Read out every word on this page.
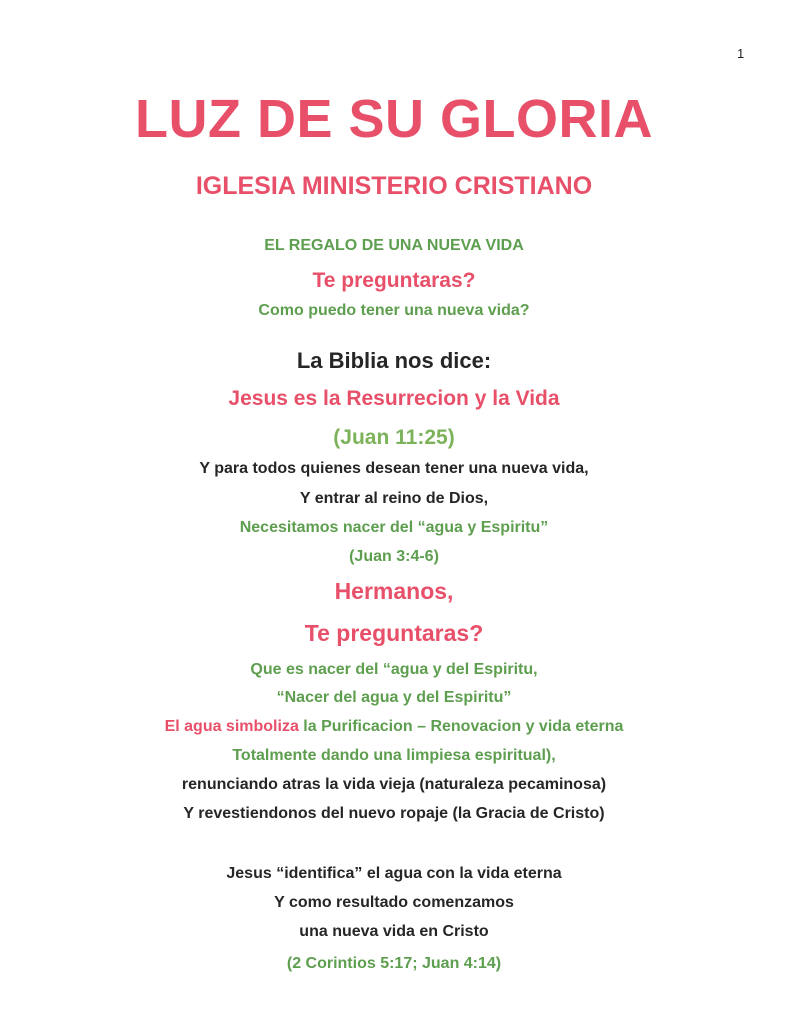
1
LUZ DE SU GLORIA
IGLESIA MINISTERIO CRISTIANO
EL REGALO DE UNA NUEVA VIDA
Te preguntaras?
Como puedo tener una nueva vida?
La Biblia nos dice:
Jesus es la Resurrecion y la Vida
(Juan 11:25)
Y para todos quienes desean tener una nueva vida,
Y entrar al reino de Dios,
Necesitamos nacer del “agua y Espiritu”
(Juan 3:4-6)
Hermanos,
Te preguntaras?
Que es nacer del “agua y del Espiritu,
“Nacer del agua y del Espiritu”
El agua simboliza la Purificacion – Renovacion y vida eterna
Totalmente dando una limpiesa espiritual),
renunciando atras la vida vieja (naturaleza pecaminosa)
Y revestiendonos del nuevo ropaje (la Gracia de Cristo)
Jesus “identifica” el agua con la vida eterna
Y como resultado comenzamos
una nueva vida en Cristo
(2 Corintios 5:17; Juan 4:14)
